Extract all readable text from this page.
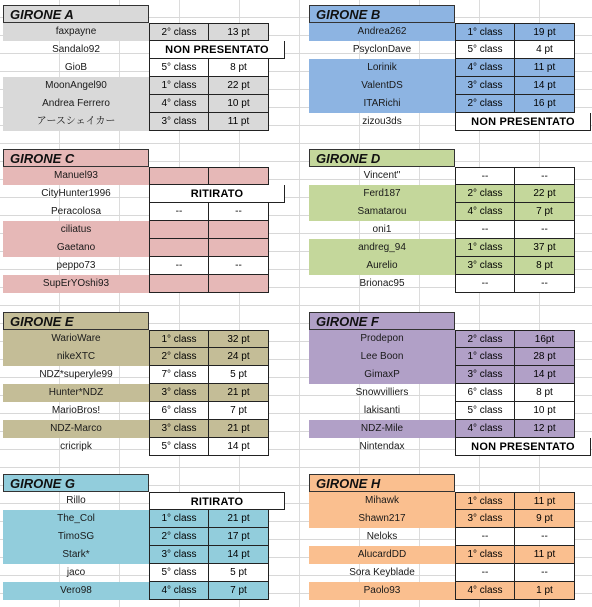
GIRONE A
faxpayne	2° class	13 pt
Sandalo92	NON PRESENTATO
GioB	5° class	8 pt
MoonAngel90	1° class	22 pt
Andrea Ferrero	4° class	10 pt
アースシェイカー	3° class	11 pt
GIRONE B
Andrea262	1° class	19 pt
PsyclonDave	5° class	4 pt
Lorinik	4° class	11 pt
ValentDS	3° class	14 pt
ITARichi	2° class	16 pt
zizou3ds	NON PRESENTATO
GIRONE C
Manuel93
CityHunter1996	RITIRATO
Peracolosa	--	--
ciliatus
Gaetano
peppo73	--	--
SupErYOshi93
GIRONE D
Vincent"	--	--
Ferd187	2° class	22 pt
Samatarou	4° class	7 pt
oni1	--	--
andreg_94	1° class	37 pt
Aurelio	3° class	8 pt
Brionac95	--	--
GIRONE E
WarioWare	1° class	32 pt
nikeXTC	2° class	24 pt
NDZ*superyle99	7° class	5 pt
Hunter*NDZ	3° class	21 pt
MarioBros!	6° class	7 pt
NDZ-Marco	3° class	21 pt
cricripk	5° class	14 pt
GIRONE F
Prodepon	2° class	16pt
Lee Boon	1° class	28 pt
GimaxP	3° class	14 pt
Snowvilliers	6° class	8 pt
lakisanti	5° class	10 pt
NDZ-Mile	4° class	12 pt
Nintendax	NON PRESENTATO
GIRONE G
Rillo	RITIRATO
The_Col	1° class	21 pt
TimoSG	2° class	17 pt
Stark*	3° class	14 pt
jaco	5° class	5 pt
Vero98	4° class	7 pt
GIRONE H
Mihawk	1° class	11 pt
Shawn217	3° class	9 pt
Neloks	--	--
AlucardDD	1° class	11 pt
Sora Keyblade	--	--
Paolo93	4° class	1 pt
